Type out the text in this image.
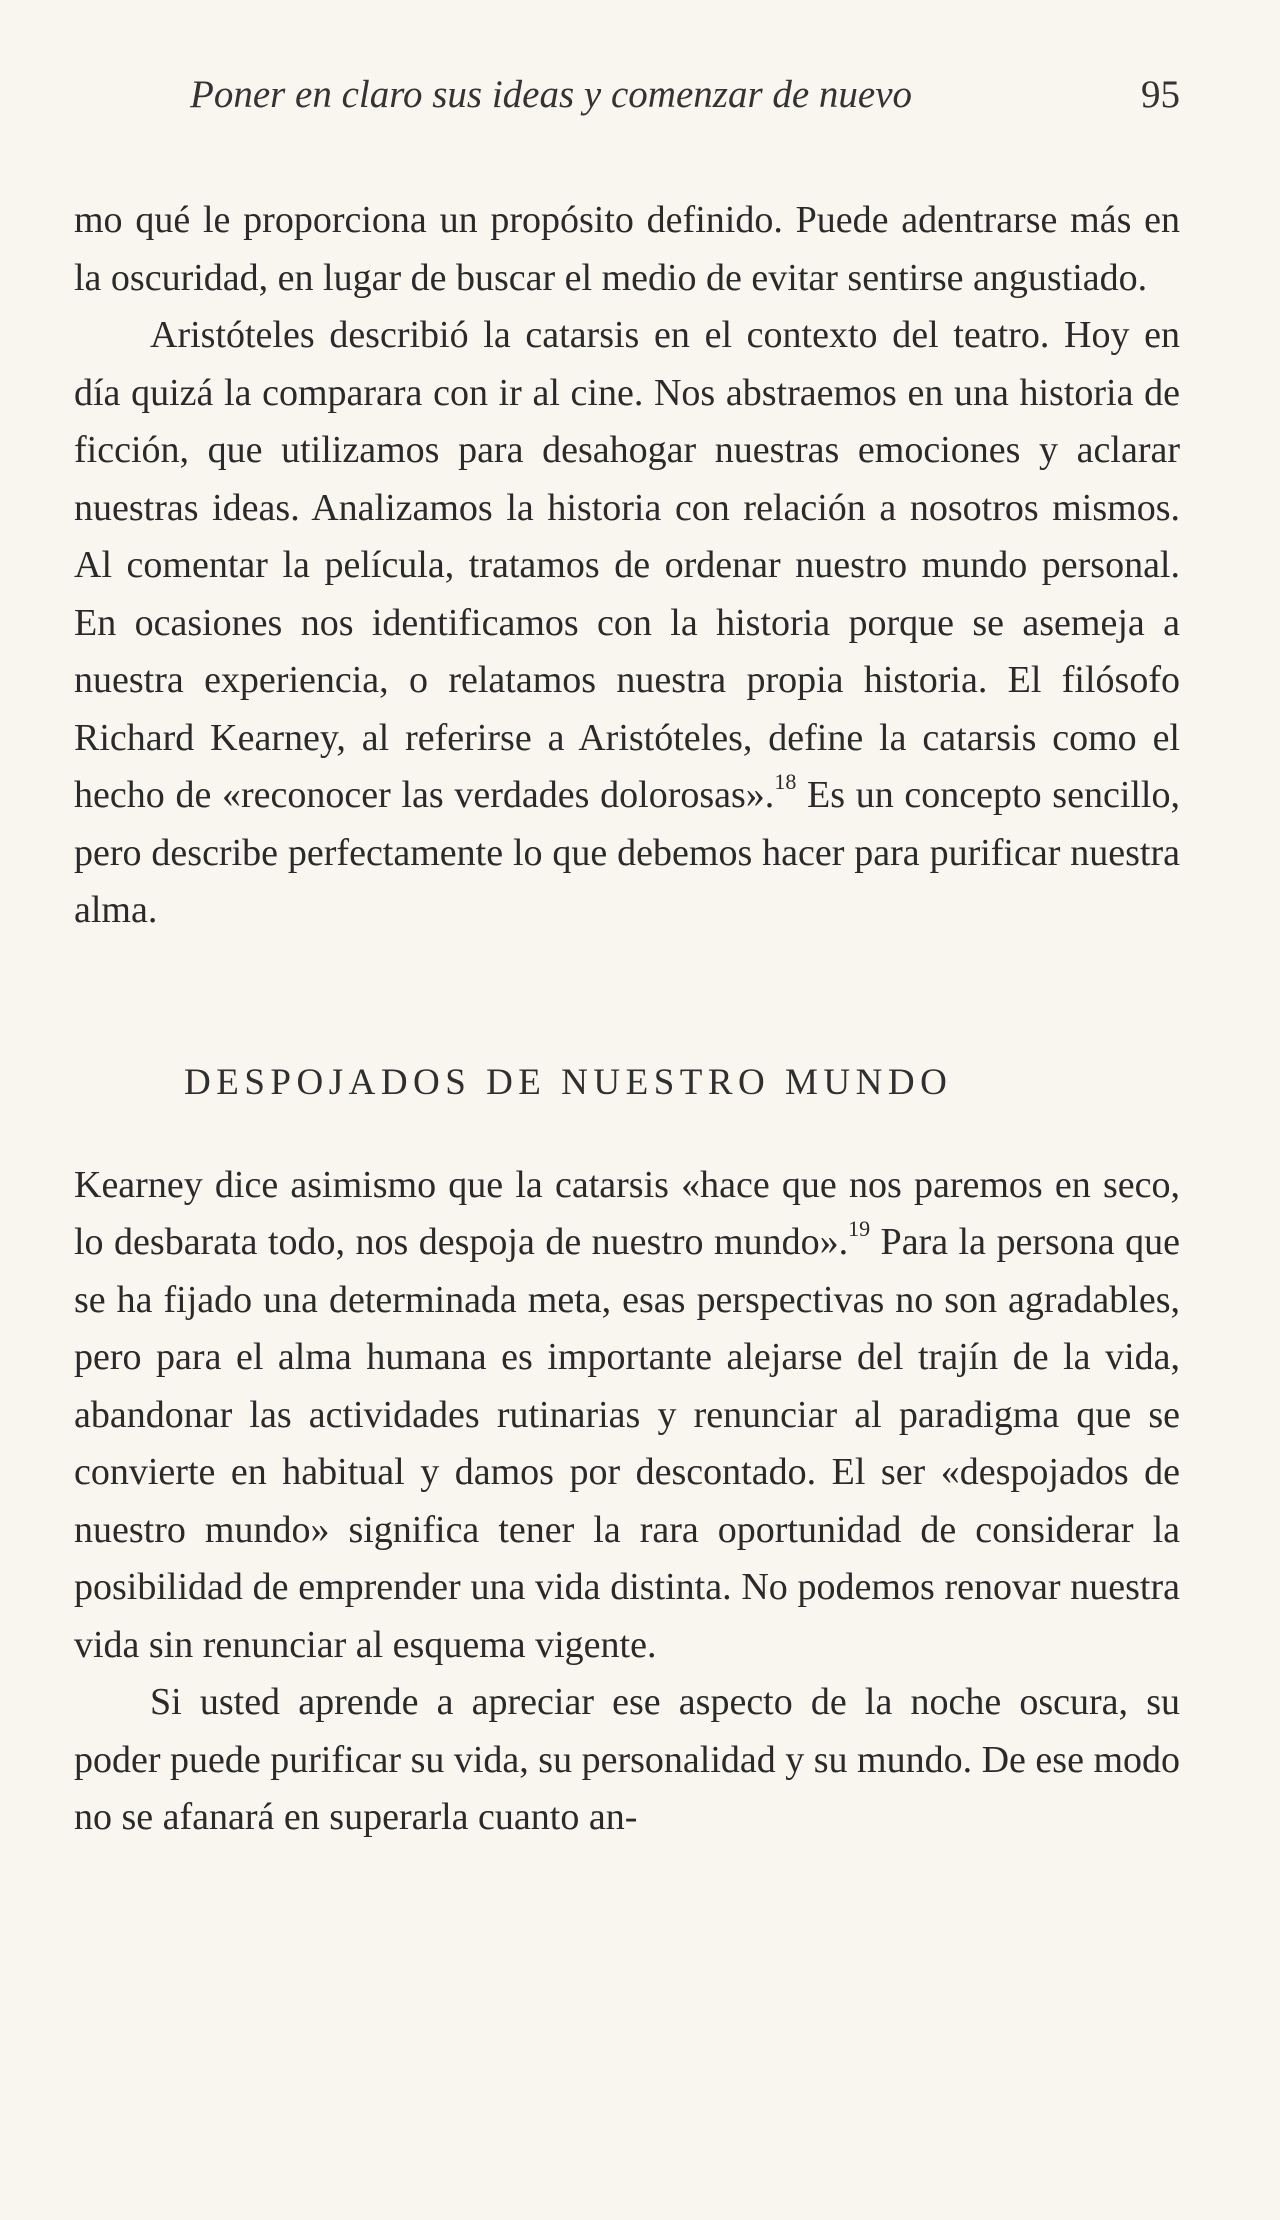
Poner en claro sus ideas y comenzar de nuevo	95

mo qué le proporciona un propósito definido. Puede adentrarse más en la oscuridad, en lugar de buscar el medio de evitar sentirse angustiado.

Aristóteles describió la catarsis en el contexto del teatro. Hoy en día quizá la comparara con ir al cine. Nos abstraemos en una historia de ficción, que utilizamos para desahogar nuestras emociones y aclarar nuestras ideas. Analizamos la historia con relación a nosotros mismos. Al comentar la película, tratamos de ordenar nuestro mundo personal. En ocasiones nos identificamos con la historia porque se asemeja a nuestra experiencia, o relatamos nuestra propia historia. El filósofo Richard Kearney, al referirse a Aristóteles, define la catarsis como el hecho de «reconocer las verdades dolorosas».$^{18}$ Es un concepto sencillo, pero describe perfectamente lo que debemos hacer para purificar nuestra alma.

DESPOJADOS DE NUESTRO MUNDO

Kearney dice asimismo que la catarsis «hace que nos paremos en seco, lo desbarata todo, nos despoja de nuestro mundo».$^{19}$ Para la persona que se ha fijado una determinada meta, esas perspectivas no son agradables, pero para el alma humana es importante alejarse del trajín de la vida, abandonar las actividades rutinarias y renunciar al paradigma que se convierte en habitual y damos por descontado. El ser «despojados de nuestro mundo» significa tener la rara oportunidad de considerar la posibilidad de emprender una vida distinta. No podemos renovar nuestra vida sin renunciar al esquema vigente.

Si usted aprende a apreciar ese aspecto de la noche oscura, su poder puede purificar su vida, su personalidad y su mundo. De ese modo no se afanará en superarla cuanto an-
